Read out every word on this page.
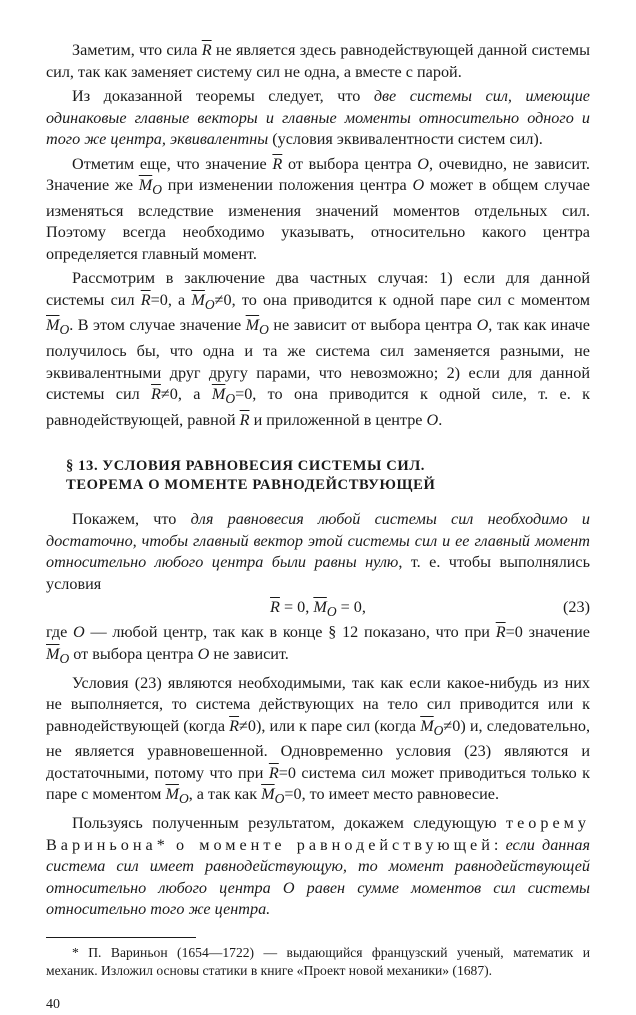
Заметим, что сила $\overline{R}$ не является здесь равнодействующей данной системы сил, так как заменяет систему сил не одна, а вместе с парой.

Из доказанной теоремы следует, что две системы сил, имеющие одинаковые главные векторы и главные моменты относительно одного и того же центра, эквивалентны (условия эквивалентности систем сил).

Отметим еще, что значение $\overline{R}$ от выбора центра O, очевидно, не зависит. Значение же $\overline{M}_O$ при изменении положения центра O может в общем случае изменяться вследствие изменения значений моментов отдельных сил. Поэтому всегда необходимо указывать, относительно какого центра определяется главный момент.

Рассмотрим в заключение два частных случая: 1) если для данной системы сил $\overline{R}=0$, а $\overline{M}_O\ne 0$, то она приводится к одной паре сил с моментом $\overline{M}_O$. В этом случае значение $\overline{M}_O$ не зависит от выбора центра O, так как иначе получилось бы, что одна и та же система сил заменяется разными, не эквивалентными друг другу парами, что невозможно; 2) если для данной системы сил $\overline{R}\ne 0$, а $\overline{M}_O=0$, то она приводится к одной силе, т. е. к равнодействующей, равной $\overline{R}$ и приложенной в центре O.

§ 13. УСЛОВИЯ РАВНОВЕСИЯ СИСТЕМЫ СИЛ.
ТЕОРЕМА О МОМЕНТЕ РАВНОДЕЙСТВУЮЩЕЙ

Покажем, что для равновесия любой системы сил необходимо и достаточно, чтобы главный вектор этой системы сил и ее главный момент относительно любого центра были равны нулю, т. е. чтобы выполнялись условия

$\overline{R} = 0$, $\overline{M}_O = 0$,	(23)

где O — любой центр, так как в конце § 12 показано, что при $\overline{R}=0$ значение $\overline{M}_O$ от выбора центра O не зависит.

Условия (23) являются необходимыми, так как если какое-нибудь из них не выполняется, то система действующих на тело сил приводится или к равнодействующей (когда $\overline{R}\ne 0$), или к паре сил (когда $\overline{M}_O\ne 0$) и, следовательно, не является уравновешенной. Одновременно условия (23) являются и достаточными, потому что при $\overline{R}=0$ система сил может приводиться только к паре с моментом $\overline{M}_O$, а так как $\overline{M}_O=0$, то имеет место равновесие.

Пользуясь полученным результатом, докажем следующую теорему Вариньона* о моменте равнодействующей: если данная система сил имеет равнодействующую, то момент равнодействующей относительно любого центра O равен сумме моментов сил системы относительно того же центра.

* П. Вариньон (1654—1722) — выдающийся французский ученый, математик и механик. Изложил основы статики в книге «Проект новой механики» (1687).
40
